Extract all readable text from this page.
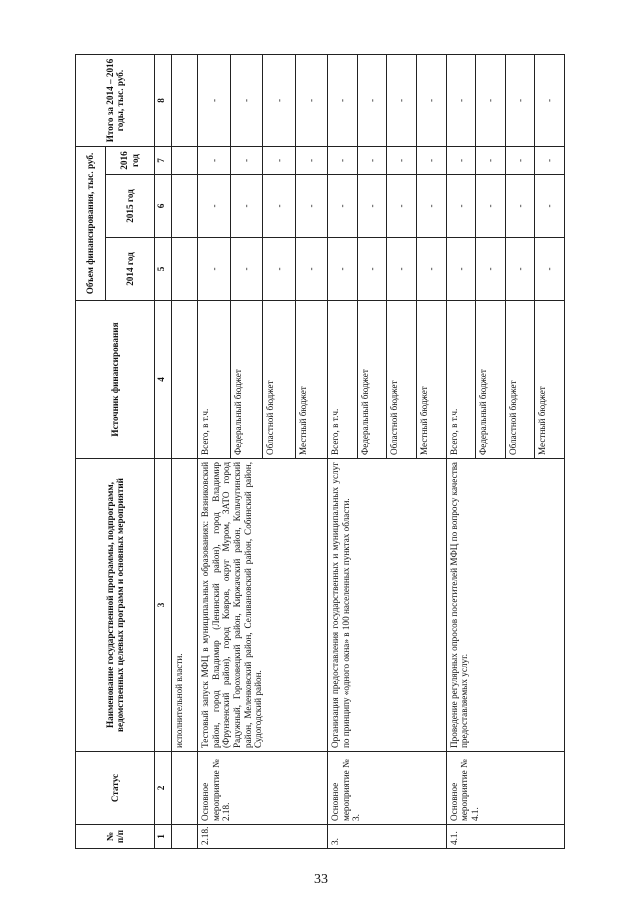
33
№ п/п	Статус	Наименование государственной программы, подпрограмм, ведомственных целевых программ и основных мероприятий	Источник финансирования	Объем финансирования, тыс. руб.			Итого за 2014 – 2016 годы, тыс. руб.
				2014 год	2015 год	2016 год	
1	2	3	4	5	6	7	8
		исполнительной власти.					
2.18.	Основное мероприятие № 2.18.	Тестовый запуск МФЦ в муниципальных образованиях: Вязниковский район, город Владимир (Ленинский район), город Владимир (Фрунзенский район), город Ковров, округ Муром, ЗАТО город Радужный, Гороховецкий район, Киржачский район, Кольчугинский район, Меленковский район, Селивановский район, Собинский район, Судогодский район.	Всего, в т.ч.	-	-	-	-
			Федеральный бюджет	-	-	-	-
			Областной бюджет	-	-	-	-
			Местный бюджет	-	-	-	-
3.	Основное мероприятие № 3.	Организация предоставления государственных и муниципальных услуг по принципу «одного окна» в 100 населенных пунктах области.	Всего, в т.ч.	-	-	-	-
			Федеральный бюджет	-	-	-	-
			Областной бюджет	-	-	-	-
			Местный бюджет	-	-	-	-
4.1.	Основное мероприятие № 4.1.	Проведение регулярных опросов посетителей МФЦ по вопросу качества предоставляемых услуг.	Всего, в т.ч.	-	-	-	-
			Федеральный бюджет	-	-	-	-
			Областной бюджет	-	-	-	-
			Местный бюджет	-	-	-	-
